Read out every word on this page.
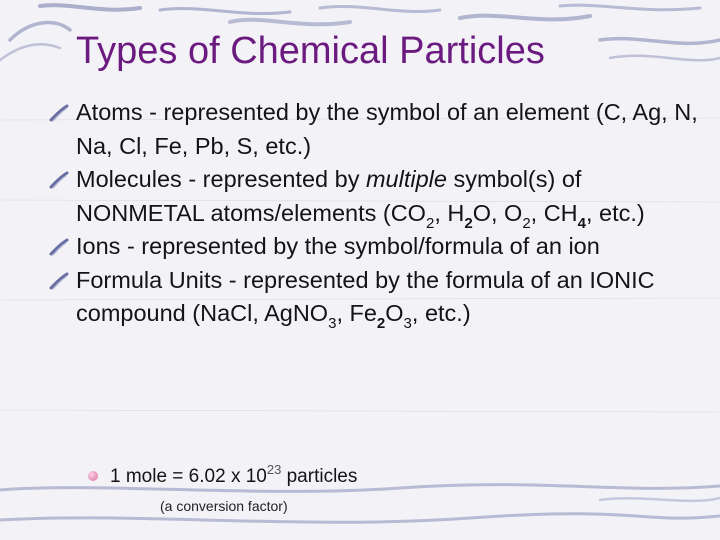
Types of Chemical Particles
Atoms - represented by the symbol of an element (C, Ag, N, Na, Cl, Fe, Pb, S, etc.)
Molecules - represented by multiple symbol(s) of NONMETAL atoms/elements ($CO_2$, $H_2O$, $O_2$, $CH_4$, etc.)
Ions - represented by the symbol/formula of an ion
Formula Units - represented by the formula of an IONIC compound (NaCl, AgNO$_3$, $Fe_2O_3$, etc.)
1 mole = 6.02 x $10^{23}$ particles
(a conversion factor)
